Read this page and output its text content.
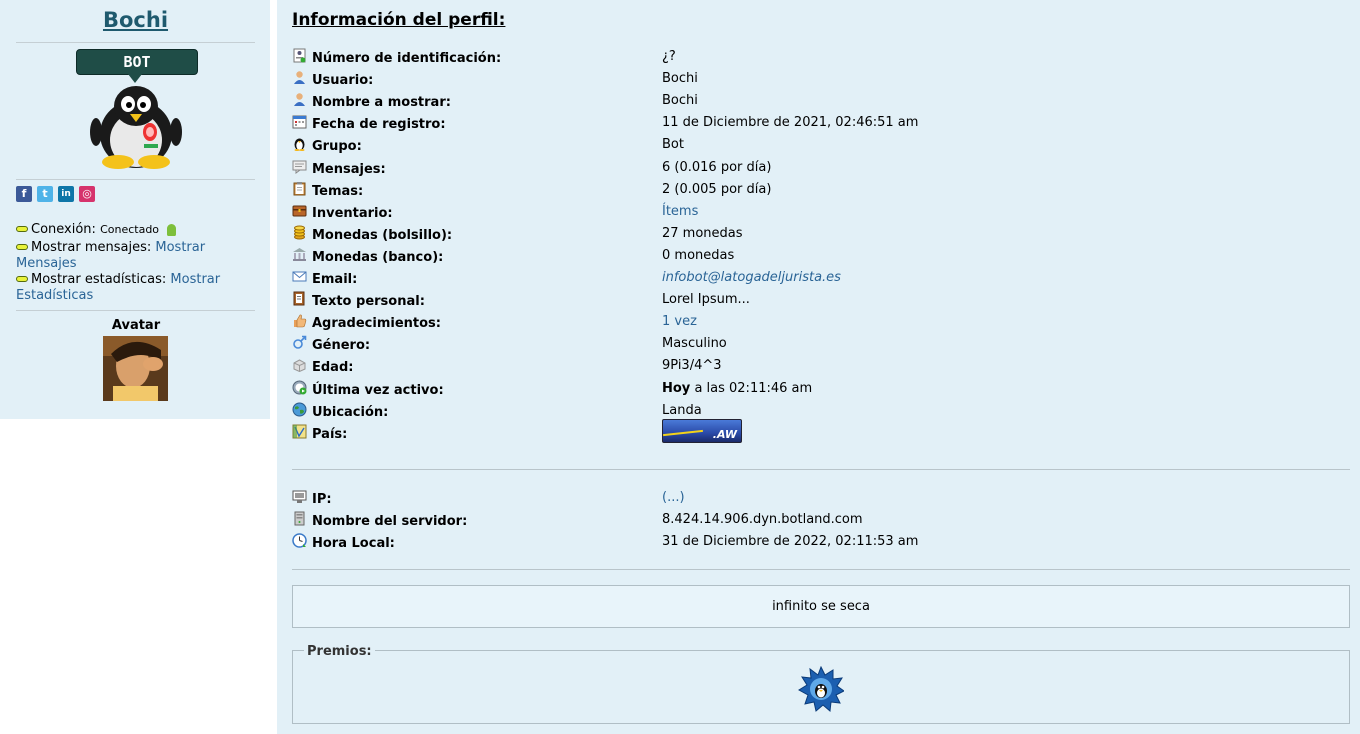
Bochi
BOT
f	t	in ◎
Conexión: Conectado
Mostrar mensajes: Mostrar Mensajes
Mostrar estadísticas: Mostrar Estadísticas
Avatar
Información del perfil:
Número de identificación:	¿?
Usuario:	Bochi
Nombre a mostrar:	Bochi
Fecha de registro:	11 de Diciembre de 2021, 02:46:51 am
Grupo:	Bot
Mensajes:	6 (0.016 por día)
Temas:	2 (0.005 por día)
Inventario:	Ítems
Monedas (bolsillo):	27 monedas
Monedas (banco):	0 monedas
Email:	infobot@latogadeljurista.es
Texto personal:	Lorel Ipsum...
Agradecimientos:	1 vez
Género:	Masculino
Edad:	9Pi3/4^3
Última vez activo:	Hoy a las 02:11:46 am
Ubicación:	Landa
País:	.AW
IP:	(...)
Nombre del servidor:	8.424.14.906.dyn.botland.com
Hora Local:	31 de Diciembre de 2022, 02:11:53 am
infinito se seca
Premios:
